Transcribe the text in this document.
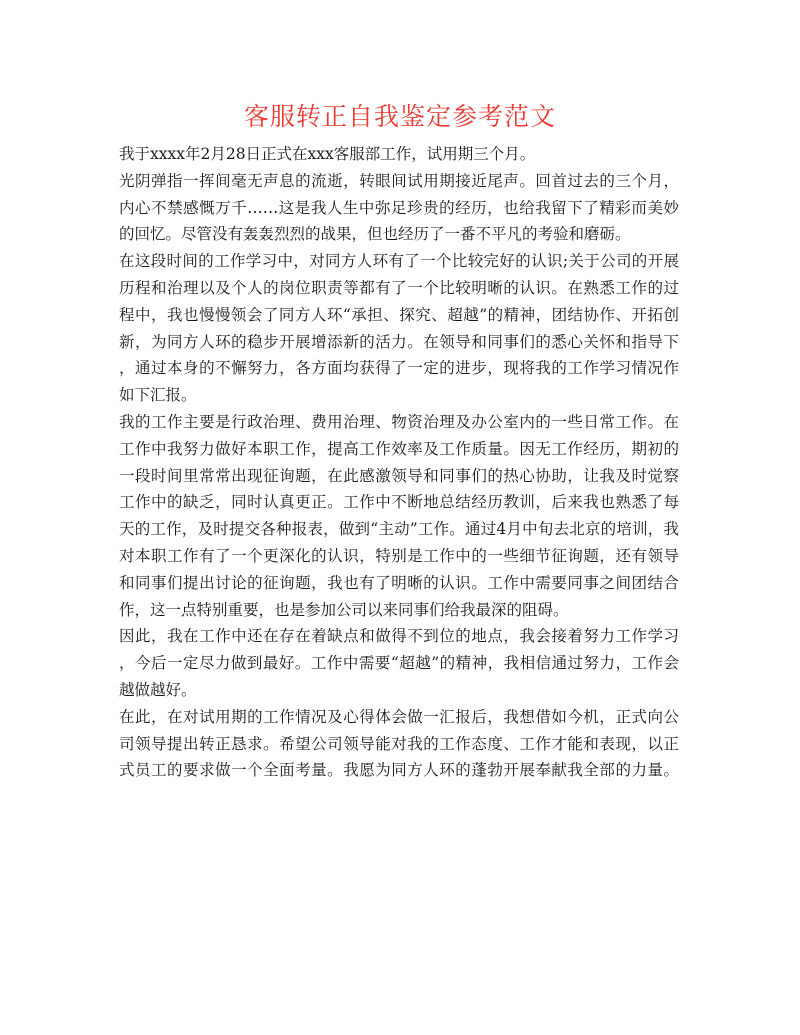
客服转正自我鉴定参考范文
我于xxxx年2月28日正式在xxx客服部工作，试用期三个月。
光阴弹指一挥间毫无声息的流逝，转眼间试用期接近尾声。回首过去的三个月，
内心不禁感慨万千……这是我人生中弥足珍贵的经历，也给我留下了精彩而美妙
的回忆。尽管没有轰轰烈烈的战果，但也经历了一番不平凡的考验和磨砺。
在这段时间的工作学习中，对同方人环有了一个比较完好的认识;关于公司的开展
历程和治理以及个人的岗位职责等都有了一个比较明晰的认识。在熟悉工作的过
程中，我也慢慢领会了同方人环“承担、探究、超越”的精神，团结协作、开拓创
新，为同方人环的稳步开展增添新的活力。在领导和同事们的悉心关怀和指导下
，通过本身的不懈努力，各方面均获得了一定的进步，现将我的工作学习情况作
如下汇报。
我的工作主要是行政治理、费用治理、物资治理及办公室内的一些日常工作。在
工作中我努力做好本职工作，提高工作效率及工作质量。因无工作经历，期初的
一段时间里常常出现征询题，在此感激领导和同事们的热心协助，让我及时觉察
工作中的缺乏，同时认真更正。工作中不断地总结经历教训，后来我也熟悉了每
天的工作，及时提交各种报表，做到“主动”工作。通过4月中旬去北京的培训，我
对本职工作有了一个更深化的认识，特别是工作中的一些细节征询题，还有领导
和同事们提出讨论的征询题，我也有了明晰的认识。工作中需要同事之间团结合
作，这一点特别重要，也是参加公司以来同事们给我最深的阻碍。
因此，我在工作中还在存在着缺点和做得不到位的地点，我会接着努力工作学习
，今后一定尽力做到最好。工作中需要“超越”的精神，我相信通过努力，工作会
越做越好。
在此，在对试用期的工作情况及心得体会做一汇报后，我想借如今机，正式向公
司领导提出转正恳求。希望公司领导能对我的工作态度、工作才能和表现，以正
式员工的要求做一个全面考量。我愿为同方人环的蓬勃开展奉献我全部的力量。
